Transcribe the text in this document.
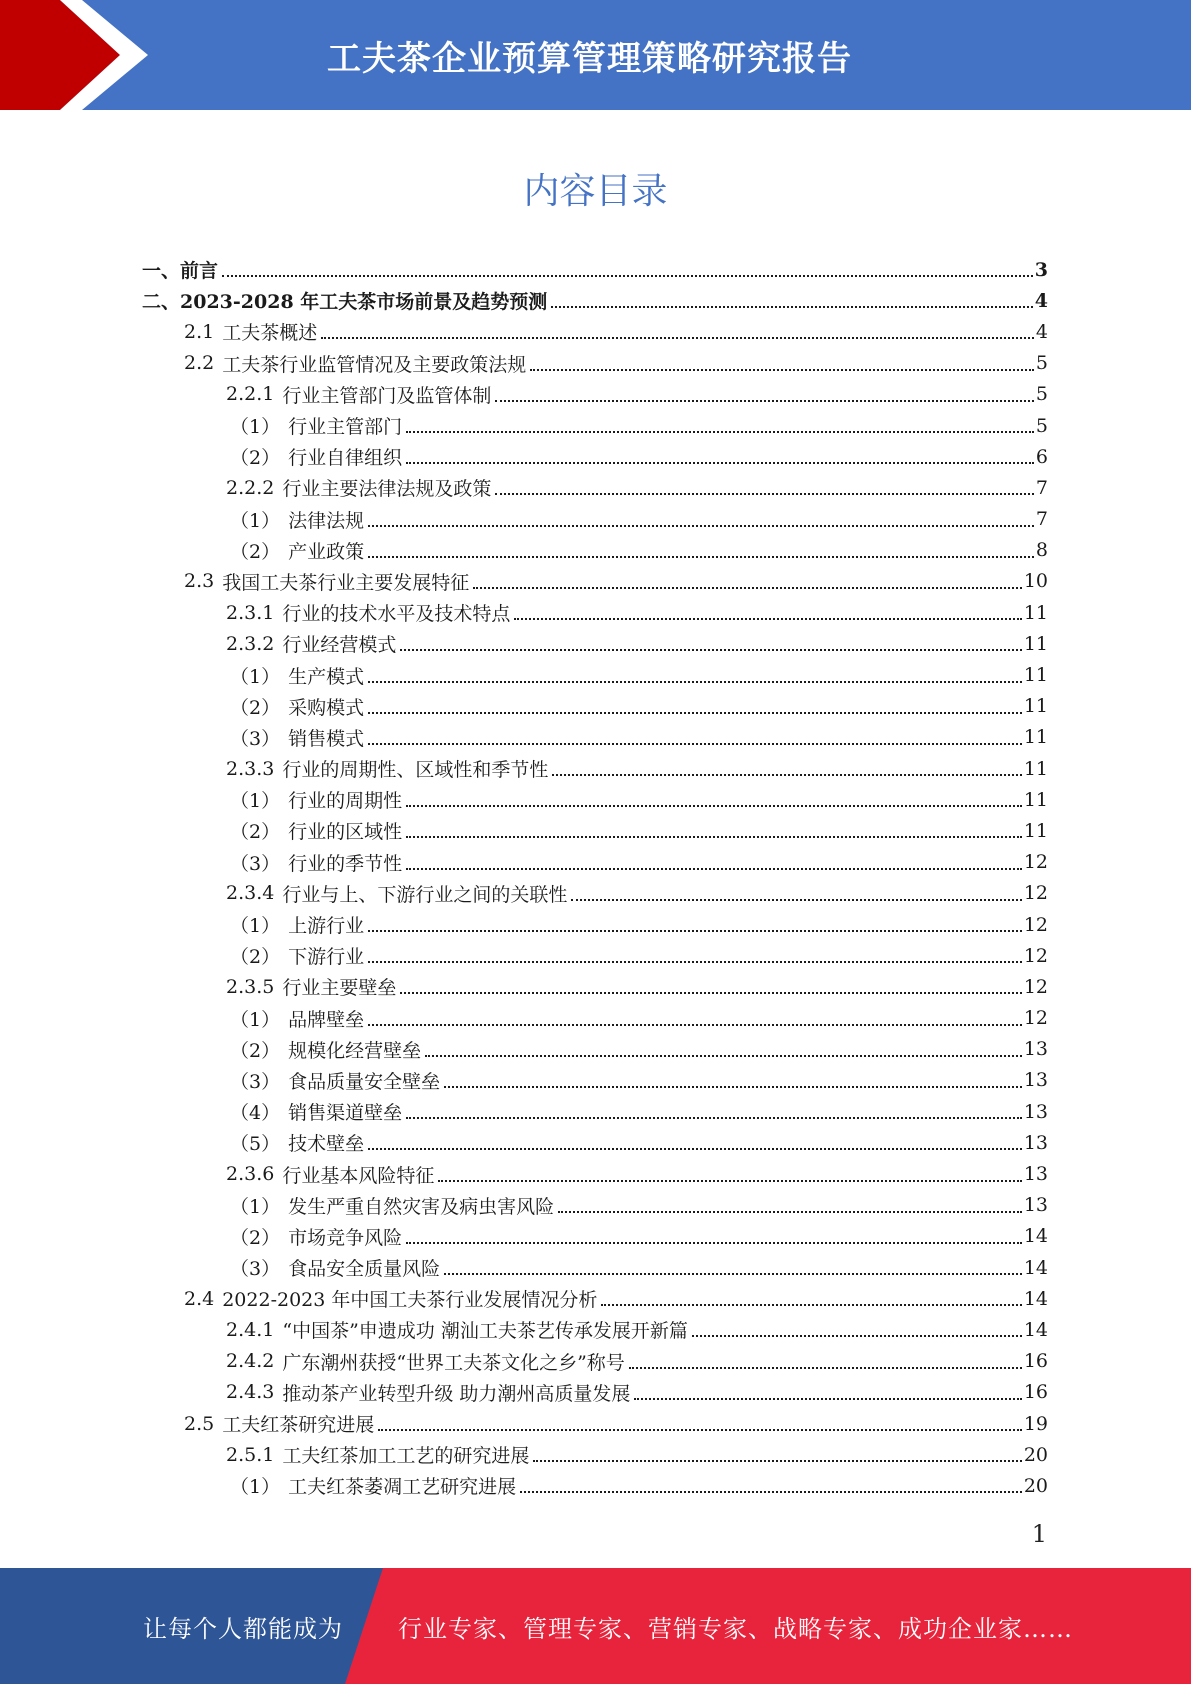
工夫茶企业预算管理策略研究报告
内容目录
一、 前言	3
二、 2023-2028 年工夫茶市场前景及趋势预测	4
2.1 工夫茶概述	4
2.2 工夫茶行业监管情况及主要政策法规	5
2.2.1 行业主管部门及监管体制	5
（1） 行业主管部门	5
（2） 行业自律组织	6
2.2.2 行业主要法律法规及政策	7
（1） 法律法规	7
（2） 产业政策	8
2.3 我国工夫茶行业主要发展特征	10
2.3.1 行业的技术水平及技术特点	11
2.3.2 行业经营模式	11
（1） 生产模式	11
（2） 采购模式	11
（3） 销售模式	11
2.3.3 行业的周期性、区域性和季节性	11
（1） 行业的周期性	11
（2） 行业的区域性	11
（3） 行业的季节性	12
2.3.4 行业与上、下游行业之间的关联性	12
（1） 上游行业	12
（2） 下游行业	12
2.3.5 行业主要壁垒	12
（1） 品牌壁垒	12
（2） 规模化经营壁垒	13
（3） 食品质量安全壁垒	13
（4） 销售渠道壁垒	13
（5） 技术壁垒	13
2.3.6 行业基本风险特征	13
（1） 发生严重自然灾害及病虫害风险	13
（2） 市场竞争风险	14
（3） 食品安全质量风险	14
2.4 2022-2023 年中国工夫茶行业发展情况分析	14
2.4.1 “中国茶”申遗成功 潮汕工夫茶艺传承发展开新篇	14
2.4.2 广东潮州获授“世界工夫茶文化之乡”称号	16
2.4.3 推动茶产业转型升级 助力潮州高质量发展	16
2.5 工夫红茶研究进展	19
2.5.1 工夫红茶加工工艺的研究进展	20
（1） 工夫红茶萎凋工艺研究进展	20
1
让每个人都能成为 行业专家、管理专家、营销专家、战略专家、成功企业家……
